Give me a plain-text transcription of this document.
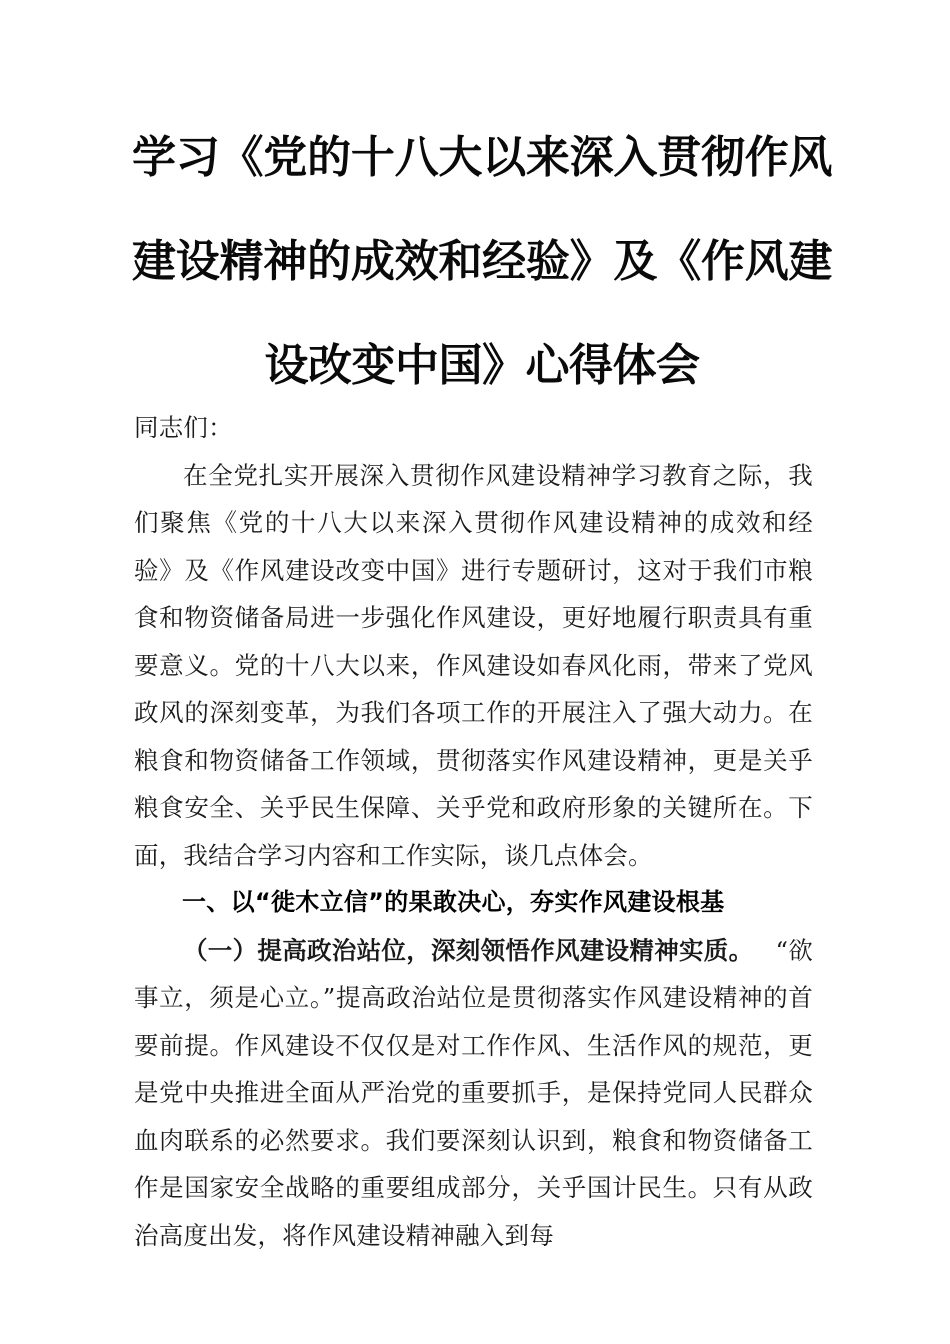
学习《党的十八大以来深入贯彻作风建设精神的成效和经验》及《作风建设改变中国》心得体会

同志们：

在全党扎实开展深入贯彻作风建设精神学习教育之际，我们聚焦《党的十八大以来深入贯彻作风建设精神的成效和经验》及《作风建设改变中国》进行专题研讨，这对于我们市粮食和物资储备局进一步强化作风建设，更好地履行职责具有重要意义。党的十八大以来，作风建设如春风化雨，带来了党风政风的深刻变革，为我们各项工作的开展注入了强大动力。在粮食和物资储备工作领域，贯彻落实作风建设精神，更是关乎粮食安全、关乎民生保障、关乎党和政府形象的关键所在。下面，我结合学习内容和工作实际，谈几点体会。

一、以“徙木立信”的果敢决心，夯实作风建设根基

（一）提高政治站位，深刻领悟作风建设精神实质。 “欲事立，须是心立。”提高政治站位是贯彻落实作风建设精神的首要前提。作风建设不仅仅是对工作作风、生活作风的规范，更是党中央推进全面从严治党的重要抓手，是保持党同人民群众血肉联系的必然要求。我们要深刻认识到，粮食和物资储备工作是国家安全战略的重要组成部分，关乎国计民生。只有从政治高度出发，将作风建设精神融入到每
